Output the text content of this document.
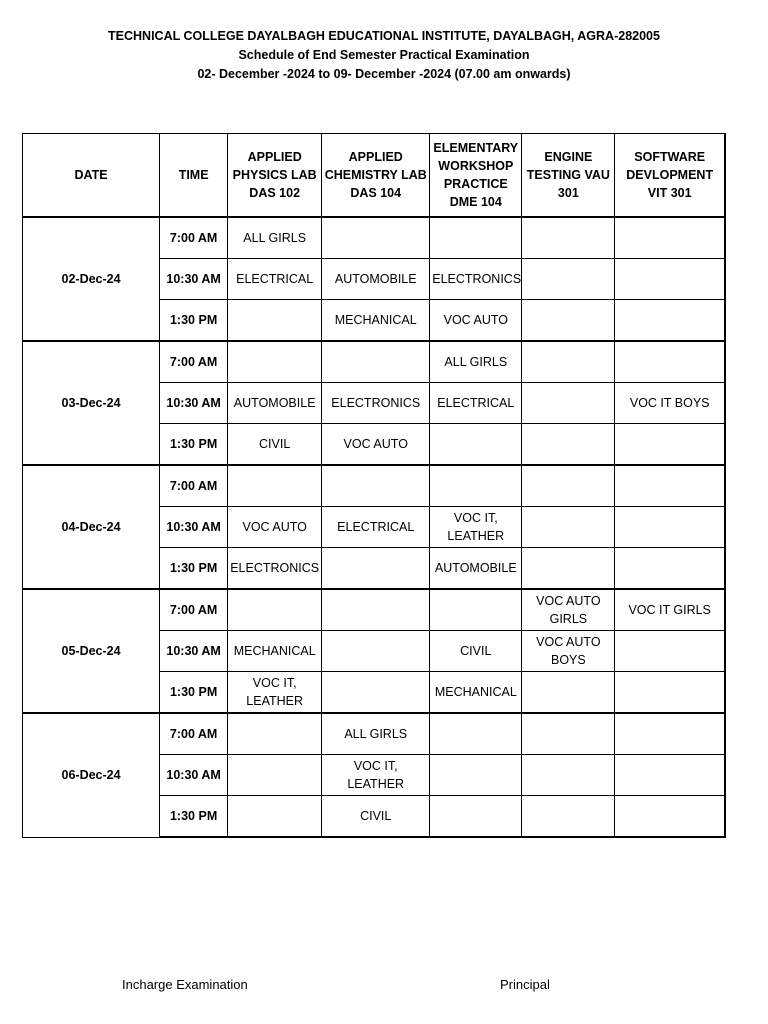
TECHNICAL COLLEGE DAYALBAGH EDUCATIONAL INSTITUTE, DAYALBAGH, AGRA-282005
Schedule of End Semester Practical Examination
02- December -2024 to 09- December -2024 (07.00 am onwards)
DATE	TIME	APPLIED PHYSICS LAB DAS 102	APPLIED CHEMISTRY LAB DAS 104	ELEMENTARY WORKSHOP PRACTICE DME 104	ENGINE TESTING VAU 301	SOFTWARE DEVLOPMENT VIT 301
02-Dec-24	7:00 AM	ALL GIRLS				
	10:30 AM	ELECTRICAL	AUTOMOBILE	ELECTRONICS		
	1:30 PM		MECHANICAL	VOC AUTO		
03-Dec-24	7:00 AM			ALL GIRLS		
	10:30 AM	AUTOMOBILE	ELECTRONICS	ELECTRICAL		VOC IT BOYS
	1:30 PM	CIVIL	VOC AUTO			
04-Dec-24	7:00 AM					
	10:30 AM	VOC AUTO	ELECTRICAL	VOC IT, LEATHER		
	1:30 PM	ELECTRONICS		AUTOMOBILE		
05-Dec-24	7:00 AM				VOC AUTO GIRLS	VOC IT GIRLS
	10:30 AM	MECHANICAL		CIVIL	VOC AUTO BOYS	
	1:30 PM	VOC IT, LEATHER		MECHANICAL		
06-Dec-24	7:00 AM		ALL GIRLS			
	10:30 AM		VOC IT, LEATHER			
	1:30 PM		CIVIL			
Incharge Examination	Principal
